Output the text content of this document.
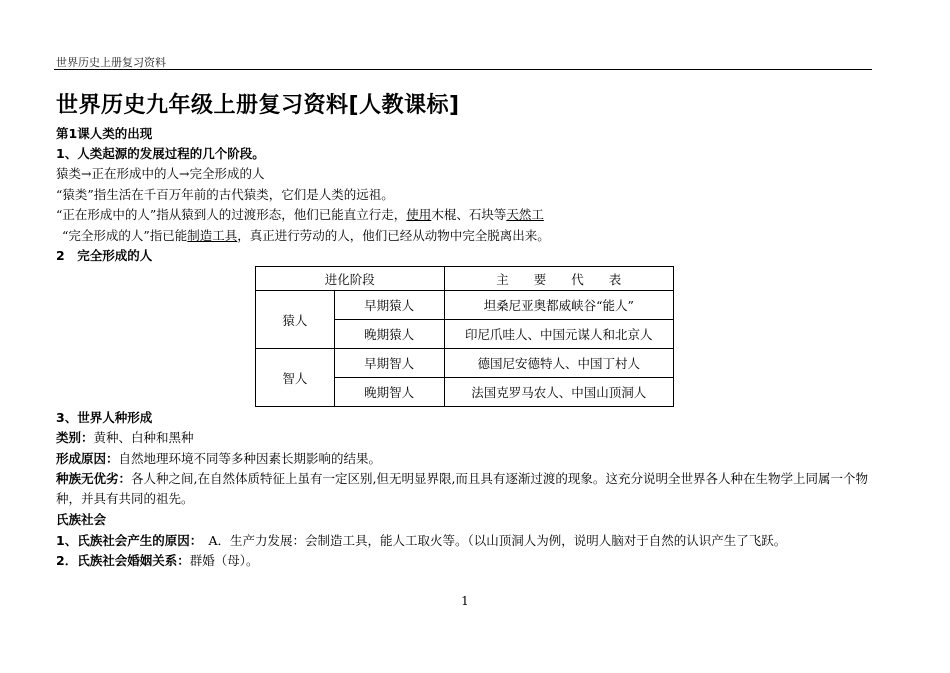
世界历史上册复习资料
世界历史九年级上册复习资料[人教课标]
第1课人类的出现
1、人类起源的发展过程的几个阶段。
猿类→正在形成中的人→完全形成的人
“猿类”指生活在千百万年前的古代猿类，它们是人类的远祖。
“正在形成中的人”指从猿到人的过渡形态，他们已能直立行走，使用木棍、石块等天然工
“完全形成的人”指已能制造工具，真正进行劳动的人，他们已经从动物中完全脱离出来。
2　完全形成的人
进化阶段		主　　要　　代　　表
猿人	早期猿人	坦桑尼亚奥都威峡谷“能人”
	晚期猿人	印尼爪哇人、中国元谋人和北京人
智人	早期智人	德国尼安德特人、中国丁村人
	晚期智人	法国克罗马农人、中国山顶洞人
3、世界人种形成
类别：黄种、白种和黑种
形成原因：自然地理环境不同等多种因素长期影响的结果。
种族无优劣：各人种之间,在自然体质特征上虽有一定区别,但无明显界限,而且具有逐渐过渡的现象。这充分说明全世界各人种在生物学上同属一个物种，并具有共同的祖先。
氏族社会
1、氏族社会产生的原因：　A．生产力发展：会制造工具，能人工取火等。（以山顶洞人为例，说明人脑对于自然的认识产生了飞跃。
2．氏族社会婚姻关系：群婚（母）。
1
